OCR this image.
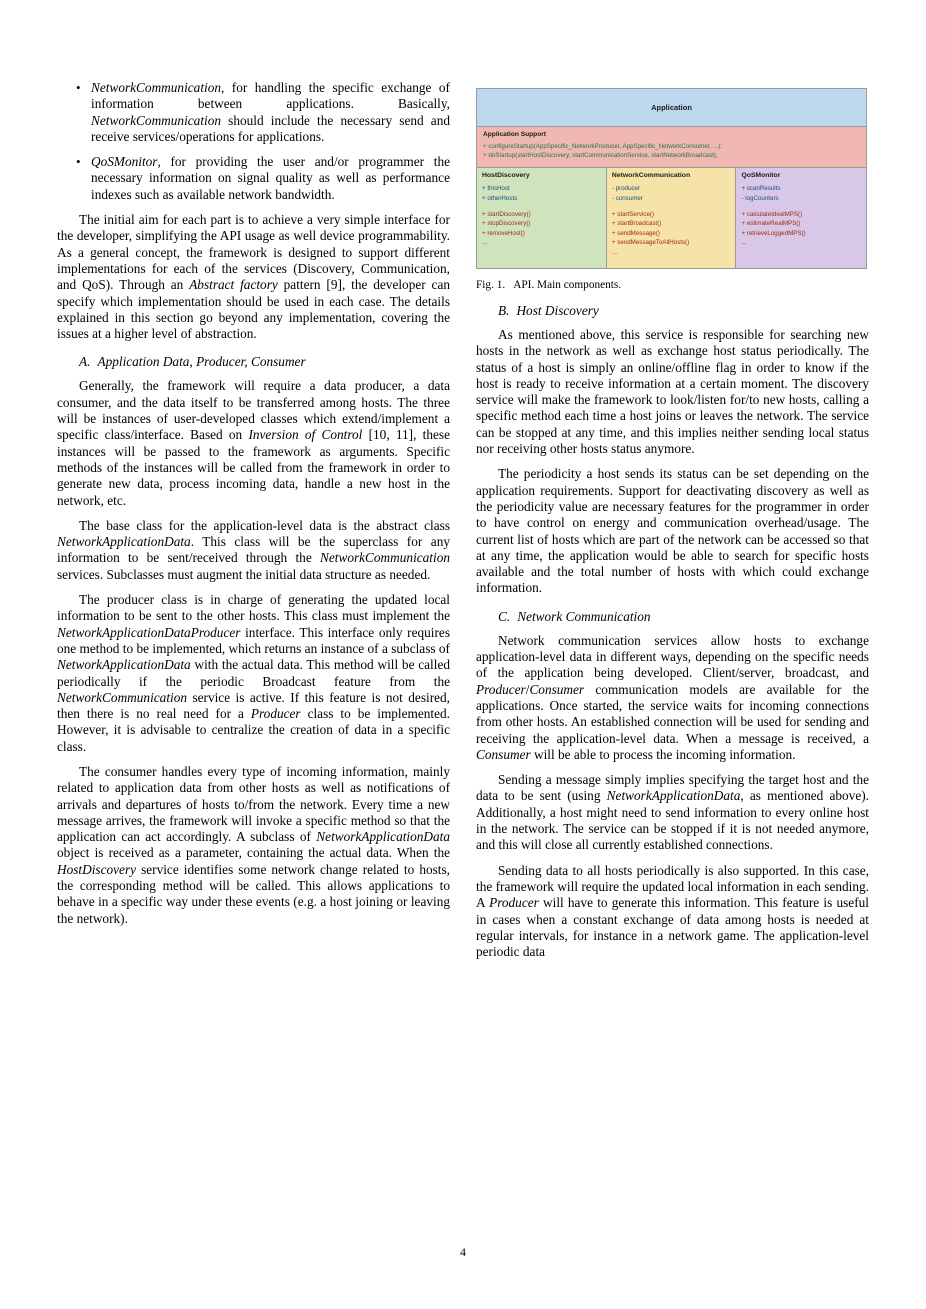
• NetworkCommunication, for handling the specific exchange of information between applications. Basically, NetworkCommunication should include the necessary send and receive services/operations for applications.
• QoSMonitor, for providing the user and/or programmer the necessary information on signal quality as well as performance indexes such as available network bandwidth.

The initial aim for each part is to achieve a very simple interface for the developer, simplifying the API usage as well device programmability. As a general concept, the framework is designed to support different implementations for each of the services (Discovery, Communication, and QoS). Through an Abstract factory pattern [9], the developer can specify which implementation should be used in each case. The details explained in this section go beyond any implementation, covering the issues at a higher level of abstraction.

A. Application Data, Producer, Consumer

Generally, the framework will require a data producer, a data consumer, and the data itself to be transferred among hosts. The three will be instances of user-developed classes which extend/implement a specific class/interface. Based on Inversion of Control [10, 11], these instances will be passed to the framework as arguments. Specific methods of the instances will be called from the framework in order to generate new data, process incoming data, handle a new host in the network, etc.

The base class for the application-level data is the abstract class NetworkApplicationData. This class will be the superclass for any information to be sent/received through the NetworkCommunication services. Subclasses must augment the initial data structure as needed.

The producer class is in charge of generating the updated local information to be sent to the other hosts. This class must implement the NetworkApplicationDataProducer interface. This interface only requires one method to be implemented, which returns an instance of a subclass of NetworkApplicationData with the actual data. This method will be called periodically if the periodic Broadcast feature from the NetworkCommunication service is active. If this feature is not desired, then there is no real need for a Producer class to be implemented. However, it is advisable to centralize the creation of data in a specific class.

The consumer handles every type of incoming information, mainly related to application data from other hosts as well as notifications of arrivals and departures of hosts to/from the network. Every time a new message arrives, the framework will invoke a specific method so that the application can act accordingly. A subclass of NetworkApplicationData object is received as a parameter, containing the actual data. When the HostDiscovery service identifies some network change related to hosts, the corresponding method will be called. This allows applications to behave in a specific way under these events (e.g. a host joining or leaving the network).

Application
Application Support
+ configureStartup(AppSpecific_NetworkProducer, AppSpecific_NetworkConsumer, ...);
+ doStartup(startHostDiscovery, startCommunicationService, startNetworkBroadcast);
HostDiscovery
+ thisHost
+ otherHosts
+ startDiscovery()
+ stopDiscovery()
+ removeHost()
...
NetworkCommunication
- producer
- consumer
+ startService()
+ startBroadcast()
+ sendMessage()
+ sendMessageToAllHosts()
...
QoSMonitor
+ scanResults
- logCounters
+ calculateIdealMPS()
+ estimateRealMPS()
+ retrieveLoggedMPS()
...
Fig. 1. API. Main components.
B. Host Discovery

As mentioned above, this service is responsible for searching new hosts in the network as well as exchange host status periodically. The status of a host is simply an online/offline flag in order to know if the host is ready to receive information at a certain moment. The discovery service will make the framework to look/listen for/to new hosts, calling a specific method each time a host joins or leaves the network. The service can be stopped at any time, and this implies neither sending local status nor receiving other hosts status anymore.

The periodicity a host sends its status can be set depending on the application requirements. Support for deactivating discovery as well as the periodicity value are necessary features for the programmer in order to have control on energy and communication overhead/usage. The current list of hosts which are part of the network can be accessed so that at any time, the application would be able to search for specific hosts available and the total number of hosts with which could exchange information.

C. Network Communication

Network communication services allow hosts to exchange application-level data in different ways, depending on the specific needs of the application being developed. Client/server, broadcast, and Producer/Consumer communication models are available for the applications. Once started, the service waits for incoming connections from other hosts. An established connection will be used for sending and receiving the application-level data. When a message is received, a Consumer will be able to process the incoming information.

Sending a message simply implies specifying the target host and the data to be sent (using NetworkApplicationData, as mentioned above). Additionally, a host might need to send information to every online host in the network. The service can be stopped if it is not needed anymore, and this will close all currently established connections.

Sending data to all hosts periodically is also supported. In this case, the framework will require the updated local information in each sending. A Producer will have to generate this information. This feature is useful in cases when a constant exchange of data among hosts is needed at regular intervals, for instance in a network game. The application-level periodic data

4
